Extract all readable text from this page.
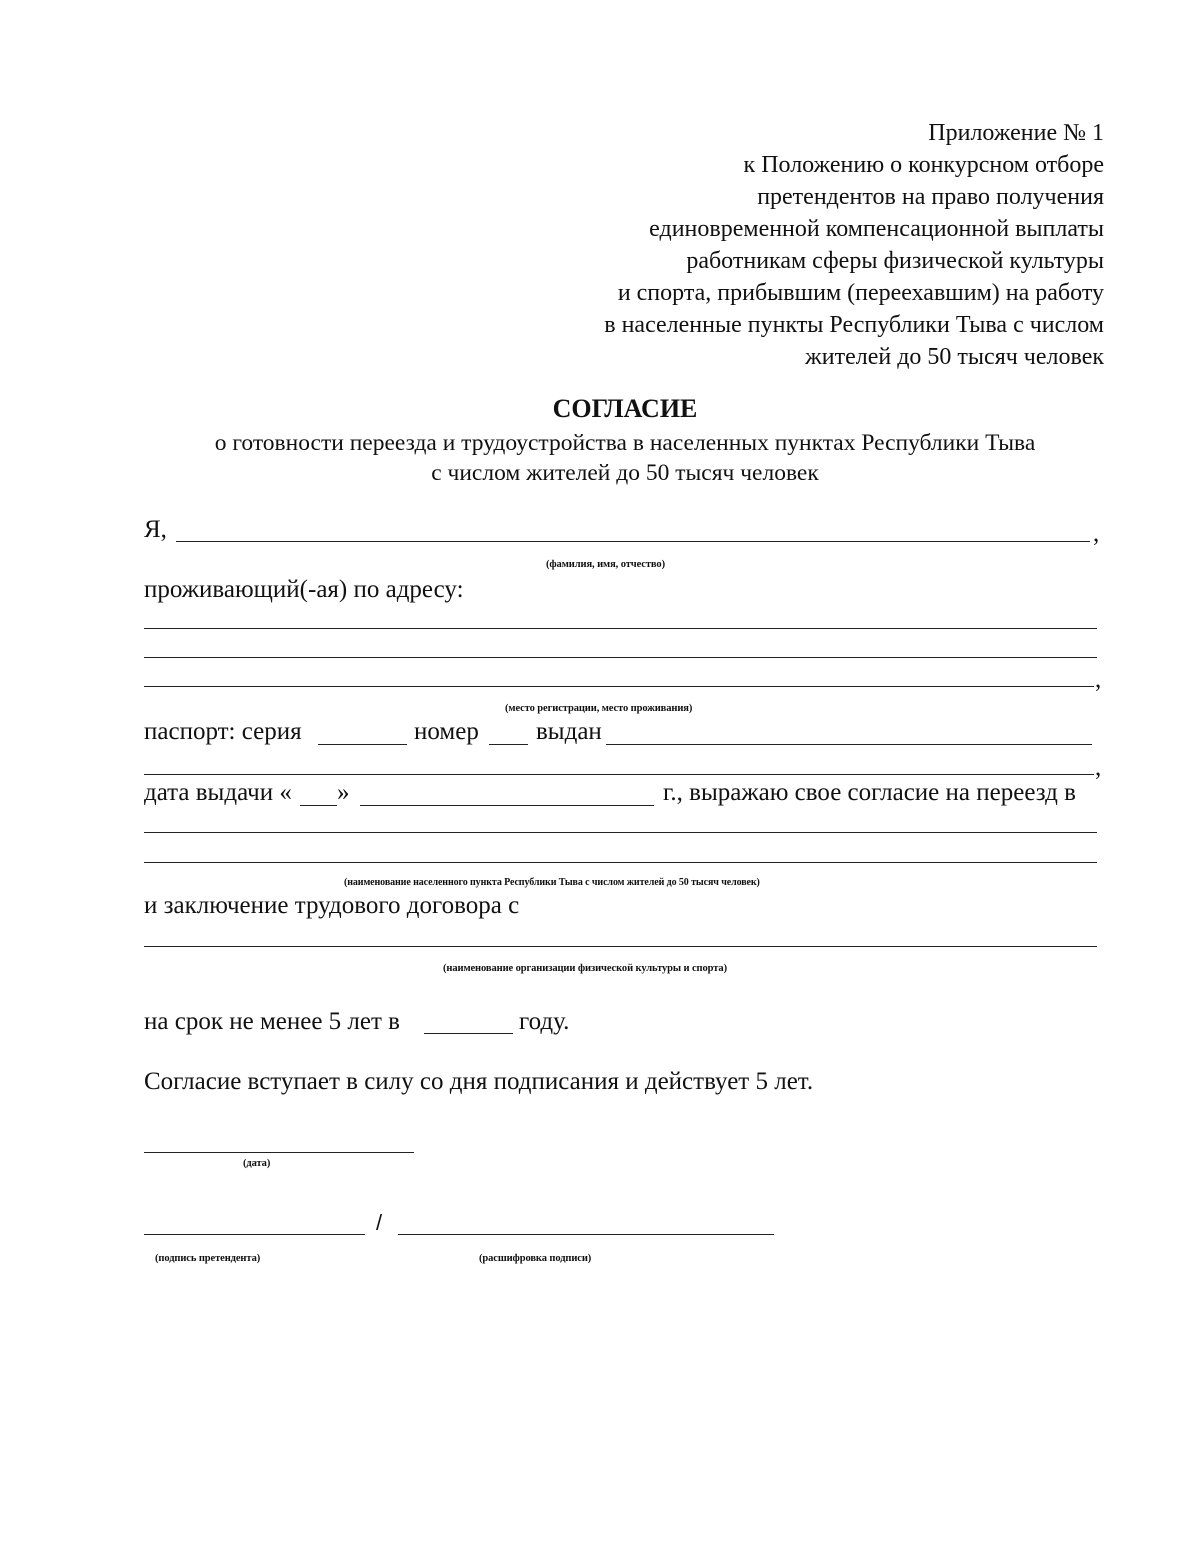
Приложение № 1
к Положению о конкурсном отборе
претендентов на право получения
единовременной компенсационной выплаты
работникам сферы физической культуры
и спорта, прибывшим (переехавшим) на работу
в населенные пункты Республики Тыва с числом
жителей до 50 тысяч человек
СОГЛАСИЕ
о готовности переезда и трудоустройства в населенных пунктах Республики Тыва
с числом жителей до 50 тысяч человек
Я,	,
(фамилия, имя, отчество)
проживающий(-ая) по адресу:
,
(место регистрации, место проживания)
паспорт: серия	номер выдан
,
дата выдачи « »	г., выражаю свое согласие на переезд в
(наименование населенного пункта Республики Тыва с числом жителей до 50 тысяч человек)
и заключение трудового договора с
(наименование организации физической культуры и спорта)
на срок не менее 5 лет в	году.
Согласие вступает в силу со дня подписания и действует 5 лет.
(дата)
/
(подпись претендента)	(расшифровка подписи)
